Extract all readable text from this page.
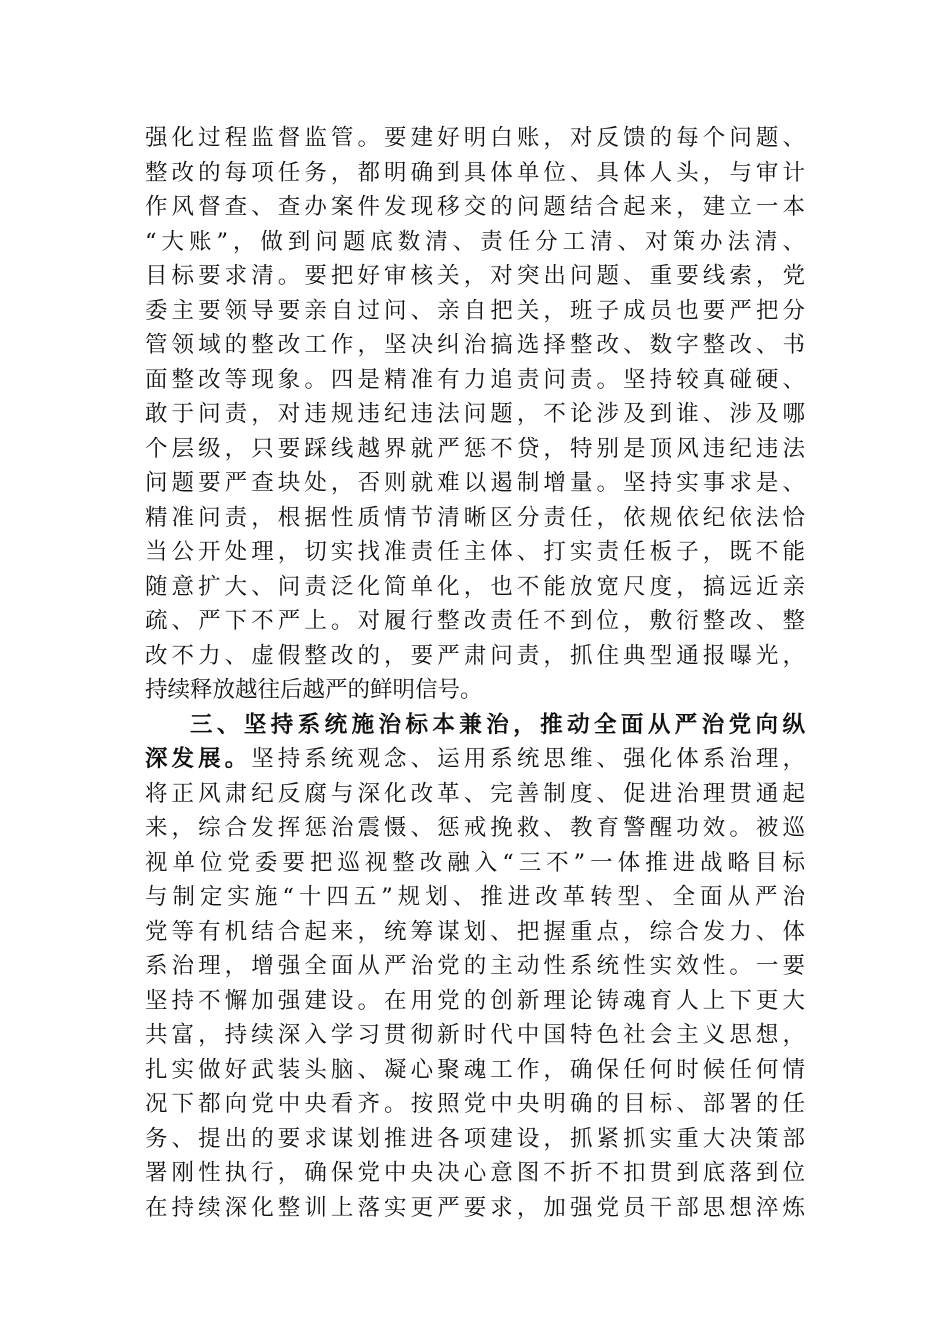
强化过程监督监管。要建好明白账，对反馈的每个问题、
整改的每项任务，都明确到具体单位、具体人头，与审计
作风督查、查办案件发现移交的问题结合起来，建立一本
“大账”，做到问题底数清、责任分工清、对策办法清、
目标要求清。要把好审核关，对突出问题、重要线索，党
委主要领导要亲自过问、亲自把关，班子成员也要严把分
管领域的整改工作，坚决纠治搞选择整改、数字整改、书
面整改等现象。四是精准有力追责问责。坚持较真碰硬、
敢于问责，对违规违纪违法问题，不论涉及到谁、涉及哪
个层级，只要踩线越界就严惩不贷，特别是顶风违纪违法
问题要严查块处，否则就难以遏制增量。坚持实事求是、
精准问责，根据性质情节清晰区分责任，依规依纪依法恰
当公开处理，切实找准责任主体、打实责任板子，既不能
随意扩大、问责泛化简单化，也不能放宽尺度，搞远近亲
疏、严下不严上。对履行整改责任不到位，敷衍整改、整
改不力、虚假整改的，要严肃问责，抓住典型通报曝光，
持续释放越往后越严的鲜明信号。
三、坚持系统施治标本兼治，推动全面从严治党向纵
深发展。坚持系统观念、运用系统思维、强化体系治理，
将正风肃纪反腐与深化改革、完善制度、促进治理贯通起
来，综合发挥惩治震慑、惩戒挽救、教育警醒功效。被巡
视单位党委要把巡视整改融入“三不”一体推进战略目标
与制定实施“十四五”规划、推进改革转型、全面从严治
党等有机结合起来，统筹谋划、把握重点，综合发力、体
系治理，增强全面从严治党的主动性系统性实效性。一要
坚持不懈加强建设。在用党的创新理论铸魂育人上下更大
共富，持续深入学习贯彻新时代中国特色社会主义思想，
扎实做好武装头脑、凝心聚魂工作，确保任何时候任何情
况下都向党中央看齐。按照党中央明确的目标、部署的任
务、提出的要求谋划推进各项建设，抓紧抓实重大决策部
署刚性执行，确保党中央决心意图不折不扣贯到底落到位
在持续深化整训上落实更严要求，加强党员干部思想淬炼
